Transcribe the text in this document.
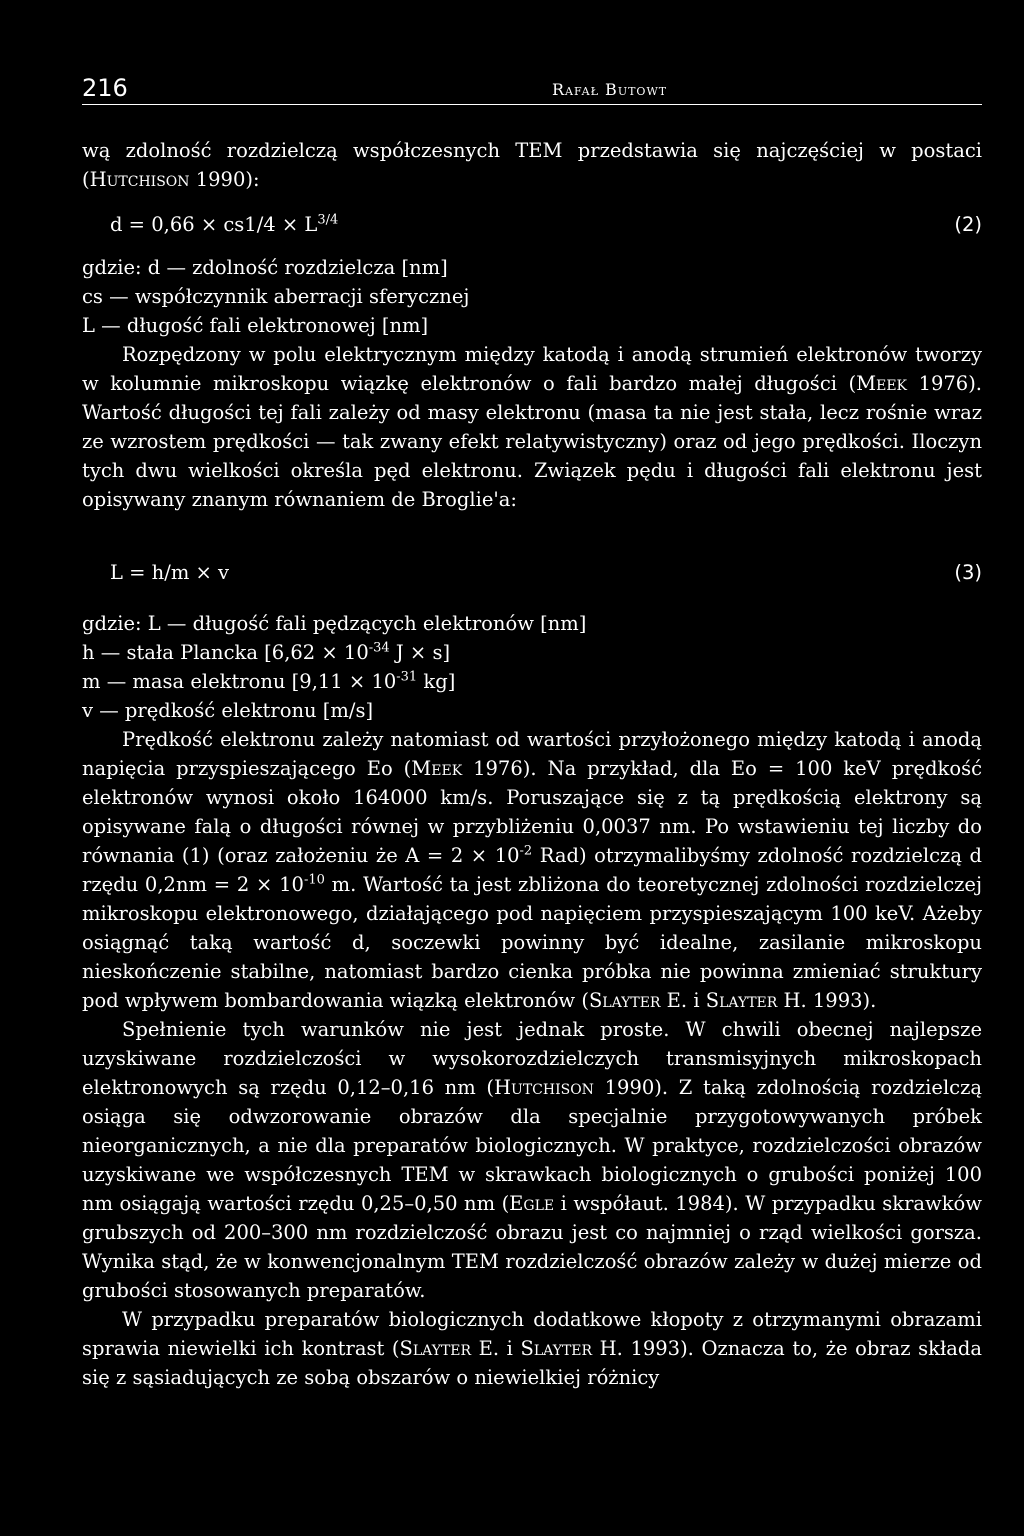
216	Rafał Butowt

wą zdolność rozdzielczą współczesnych TEM przedstawia się najczęściej w postaci (Hutchison 1990):

$d = 0,66 \times cs1/4 \times L^{3/4}$	(2)
gdzie: d — zdolność rozdzielcza [nm]
cs — współczynnik aberracji sferycznej
L — długość fali elektronowej [nm]

Rozpędzony w polu elektrycznym między katodą i anodą strumień elektronów tworzy w kolumnie mikroskopu wiązkę elektronów o fali bardzo małej długości (Meek 1976). Wartość długości tej fali zależy od masy elektronu (masa ta nie jest stała, lecz rośnie wraz ze wzrostem prędkości — tak zwany efekt relatywistyczny) oraz od jego prędkości. Iloczyn tych dwu wielkości określa pęd elektronu. Związek pędu i długości fali elektronu jest opisywany znanym równaniem de Broglie'a:

L = h/m × v	(3)
gdzie: L — długość fali pędzących elektronów [nm]
h — stała Plancka [$6,62 \times 10^{-34}$ J × s]
m — masa elektronu [$9,11 \times 10^{-31}$ kg]
v — prędkość elektronu [m/s]

Prędkość elektronu zależy natomiast od wartości przyłożonego między katodą i anodą napięcia przyspieszającego Eo (Meek 1976). Na przykład, dla Eo = 100 keV prędkość elektronów wynosi około 164000 km/s. Poruszające się z tą prędkością elektrony są opisywane falą o długości równej w przybliżeniu 0,0037 nm. Po wstawieniu tej liczby do równania (1) (oraz założeniu że $A = 2 \times 10^{-2}$ Rad) otrzymalibyśmy zdolność rozdzielczą d rzędu $0,2nm = 2 \times 10^{-10}$ m. Wartość ta jest zbliżona do teoretycznej zdolności rozdzielczej mikroskopu elektronowego, działającego pod napięciem przyspieszającym 100 keV. Ażeby osiągnąć taką wartość d, soczewki powinny być idealne, zasilanie mikroskopu nieskończenie stabilne, natomiast bardzo cienka próbka nie powinna zmieniać struktury pod wpływem bombardowania wiązką elektronów (Slayter E. i Slayter H. 1993).

Spełnienie tych warunków nie jest jednak proste. W chwili obecnej najlepsze uzyskiwane rozdzielczości w wysokorozdzielczych transmisyjnych mikroskopach elektronowych są rzędu 0,12–0,16 nm (Hutchison 1990). Z taką zdolnością rozdzielczą osiąga się odwzorowanie obrazów dla specjalnie przygotowywanych próbek nieorganicznych, a nie dla preparatów biologicznych. W praktyce, rozdzielczości obrazów uzyskiwane we współczesnych TEM w skrawkach biologicznych o grubości poniżej 100 nm osiągają wartości rzędu 0,25–0,50 nm (Egle i współaut. 1984). W przypadku skrawków grubszych od 200–300 nm rozdzielczość obrazu jest co najmniej o rząd wielkości gorsza. Wynika stąd, że w konwencjonalnym TEM rozdzielczość obrazów zależy w dużej mierze od grubości stosowanych preparatów.

W przypadku preparatów biologicznych dodatkowe kłopoty z otrzymanymi obrazami sprawia niewielki ich kontrast (Slayter E. i Slayter H. 1993). Oznacza to, że obraz składa się z sąsiadujących ze sobą obszarów o niewielkiej różnicy
